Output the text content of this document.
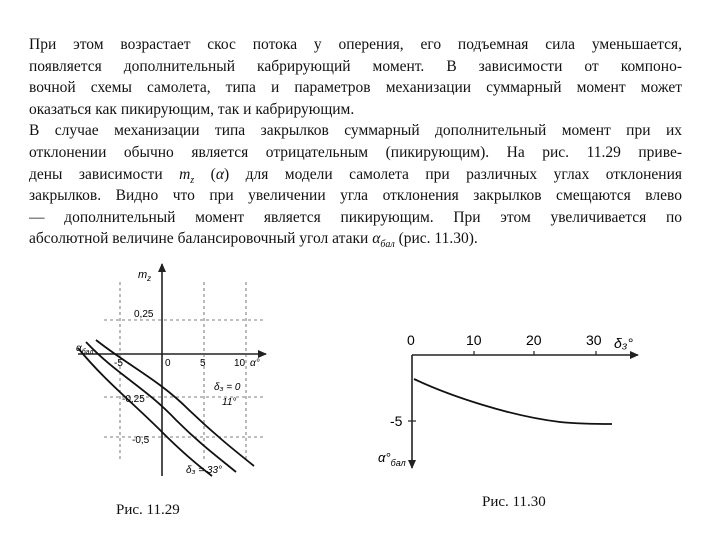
При этом возрастает скос потока у оперения, его подъемная сила уменьшается,
появляется дополнительный кабрирующий момент. В зависимости от компоно-
вочной схемы самолета, типа и параметров механизации суммарный момент может
оказаться как пикирующим, так и кабрирующим.
В случае механизации типа закрылков суммарный дополнительный момент при их
отклонении обычно является отрицательным (пикирующим). На рис. 11.29 приве-
дены зависимости $m_z$ (α) для модели самолета при различных углах отклонения
закрылков. Видно что при увеличении угла отклонения закрылков смещаются влево
— дополнительный момент является пикирующим. При этом увеличивается по
абсолютной величине балансировочный угол атаки $\alpha_{бал}$ (рис. 11.30).
$m_z$
0,25
$\alpha_{бал}$
-5	0	5	10 α°
-0,25
-0,5
δ₃ = 0
11°
δ₃ = 33°
0	10	20	30 δ₃°
-5
$\alpha^\circ_{бал}$
Рис. 11.29	Рис. 11.30
